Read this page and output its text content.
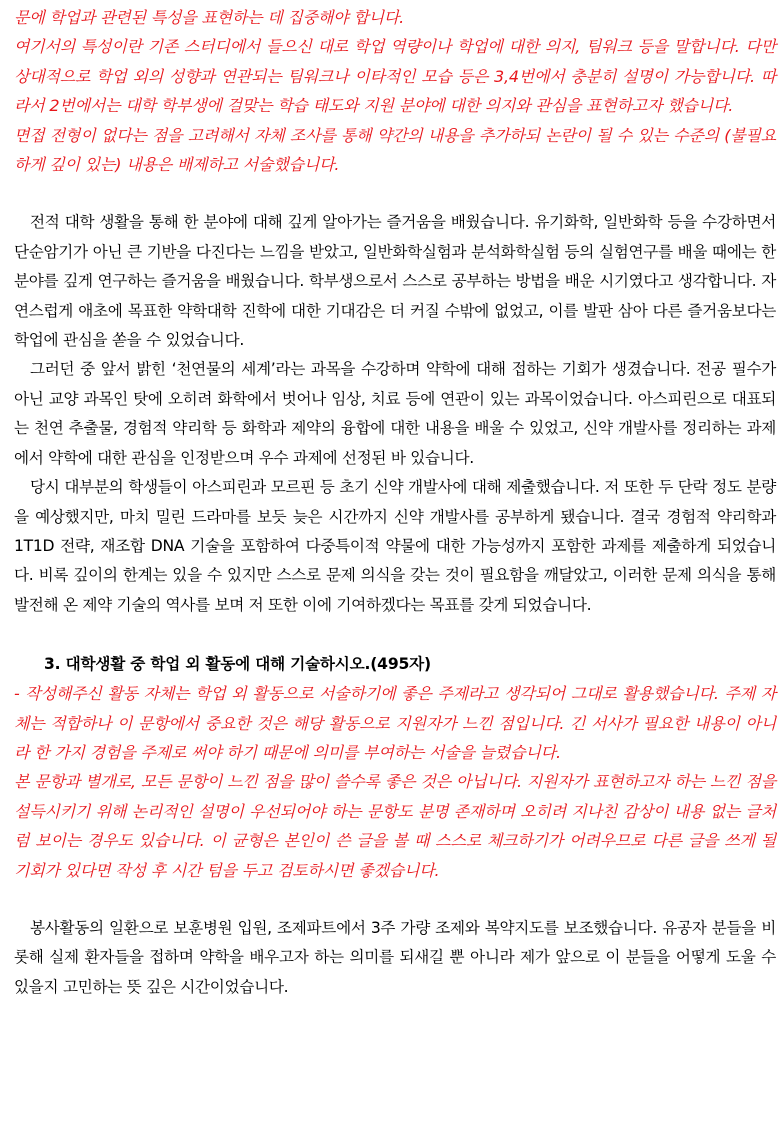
문에 학업과 관련된 특성을 표현하는 데 집중해야 합니다.

여기서의 특성이란 기존 스터디에서 들으신 대로 학업 역량이나 학업에 대한 의지, 팀워크 등을 말합니다. 다만 상대적으로 학업 외의 성향과 연관되는 팀워크나 이타적인 모습 등은 3,4번에서 충분히 설명이 가능합니다. 따라서 2번에서는 대학 학부생에 걸맞는 학습 태도와 지원 분야에 대한 의지와 관심을 표현하고자 했습니다.

면접 전형이 없다는 점을 고려해서 자체 조사를 통해 약간의 내용을 추가하되 논란이 될 수 있는 수준의 (불필요하게 깊이 있는) 내용은 배제하고 서술했습니다.

전적 대학 생활을 통해 한 분야에 대해 깊게 알아가는 즐거움을 배웠습니다. 유기화학, 일반화학 등을 수강하면서 단순암기가 아닌 큰 기반을 다진다는 느낌을 받았고, 일반화학실험과 분석화학실험 등의 실험연구를 배울 때에는 한 분야를 깊게 연구하는 즐거움을 배웠습니다. 학부생으로서 스스로 공부하는 방법을 배운 시기였다고 생각합니다. 자연스럽게 애초에 목표한 약학대학 진학에 대한 기대감은 더 커질 수밖에 없었고, 이를 발판 삼아 다른 즐거움보다는 학업에 관심을 쏟을 수 있었습니다.

그러던 중 앞서 밝힌 ‘천연물의 세계’라는 과목을 수강하며 약학에 대해 접하는 기회가 생겼습니다. 전공 필수가 아닌 교양 과목인 탓에 오히려 화학에서 벗어나 임상, 치료 등에 연관이 있는 과목이었습니다. 아스피린으로 대표되는 천연 추출물, 경험적 약리학 등 화학과 제약의 융합에 대한 내용을 배울 수 있었고, 신약 개발사를 정리하는 과제에서 약학에 대한 관심을 인정받으며 우수 과제에 선정된 바 있습니다.

당시 대부분의 학생들이 아스피린과 모르핀 등 초기 신약 개발사에 대해 제출했습니다. 저 또한 두 단락 정도 분량을 예상했지만, 마치 밀린 드라마를 보듯 늦은 시간까지 신약 개발사를 공부하게 됐습니다. 결국 경험적 약리학과 1T1D 전략, 재조합 DNA 기술을 포함하여 다중특이적 약물에 대한 가능성까지 포함한 과제를 제출하게 되었습니다. 비록 깊이의 한계는 있을 수 있지만 스스로 문제 의식을 갖는 것이 필요함을 깨달았고, 이러한 문제 의식을 통해 발전해 온 제약 기술의 역사를 보며 저 또한 이에 기여하겠다는 목표를 갖게 되었습니다.

3. 대학생활 중 학업 외 활동에 대해 기술하시오.(495자)

- 작성해주신 활동 자체는 학업 외 활동으로 서술하기에 좋은 주제라고 생각되어 그대로 활용했습니다. 주제 자체는 적합하나 이 문항에서 중요한 것은 해당 활동으로 지원자가 느낀 점입니다. 긴 서사가 필요한 내용이 아니라 한 가지 경험을 주제로 써야 하기 때문에 의미를 부여하는 서술을 늘렸습니다.

본 문항과 별개로, 모든 문항이 느낀 점을 많이 쓸수록 좋은 것은 아닙니다. 지원자가 표현하고자 하는 느낀 점을 설득시키기 위해 논리적인 설명이 우선되어야 하는 문항도 분명 존재하며 오히려 지나친 감상이 내용 없는 글처럼 보이는 경우도 있습니다. 이 균형은 본인이 쓴 글을 볼 때 스스로 체크하기가 어려우므로 다른 글을 쓰게 될 기회가 있다면 작성 후 시간 텀을 두고 검토하시면 좋겠습니다.

봉사활동의 일환으로 보훈병원 입원, 조제파트에서 3주 가량 조제와 복약지도를 보조했습니다. 유공자 분들을 비롯해 실제 환자들을 접하며 약학을 배우고자 하는 의미를 되새길 뿐 아니라 제가 앞으로 이 분들을 어떻게 도울 수 있을지 고민하는 뜻 깊은 시간이었습니다.
